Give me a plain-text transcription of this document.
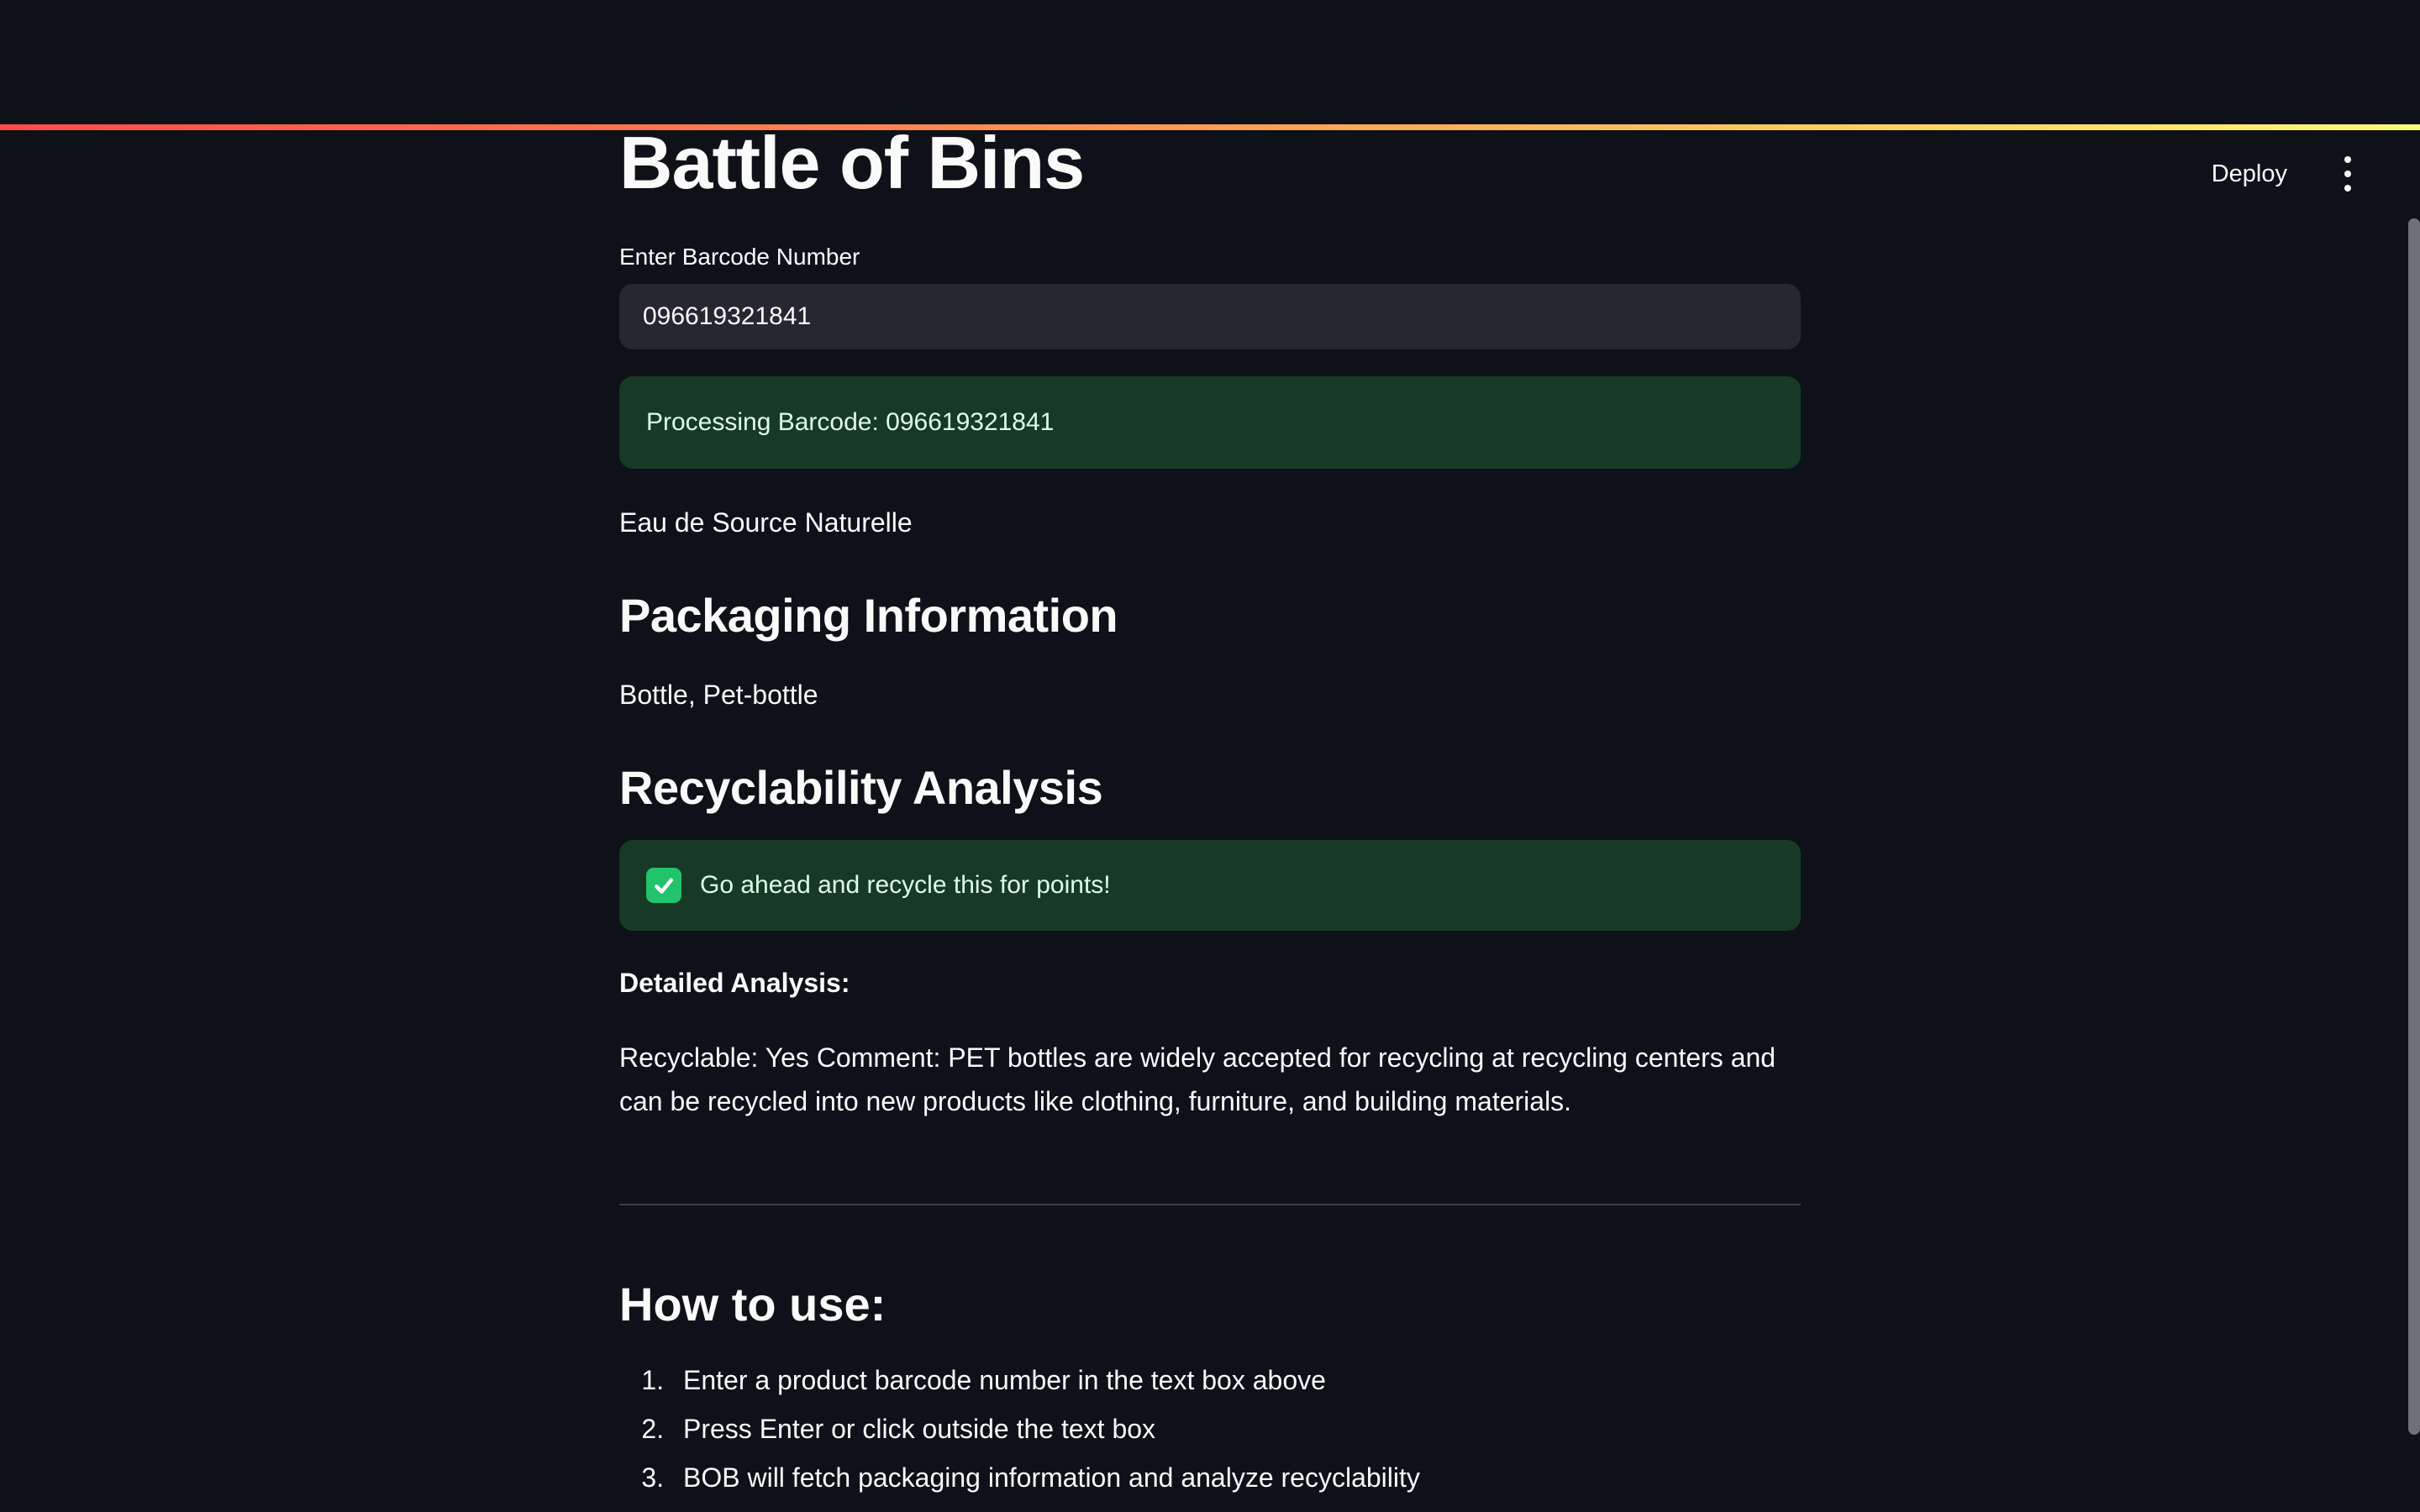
Deploy
Battle of Bins
Enter Barcode Number
096619321841
Processing Barcode: 096619321841

Eau de Source Naturelle

Packaging Information

Bottle, Pet-bottle

Recyclability Analysis
Go ahead and recycle this for points!

Detailed Analysis:

Recyclable: Yes Comment: PET bottles are widely accepted for recycling at recycling centers and can be recycled into new products like clothing, furniture, and building materials.

How to use:
1. Enter a product barcode number in the text box above
2. Press Enter or click outside the text box
3. BOB will fetch packaging information and analyze recyclability
